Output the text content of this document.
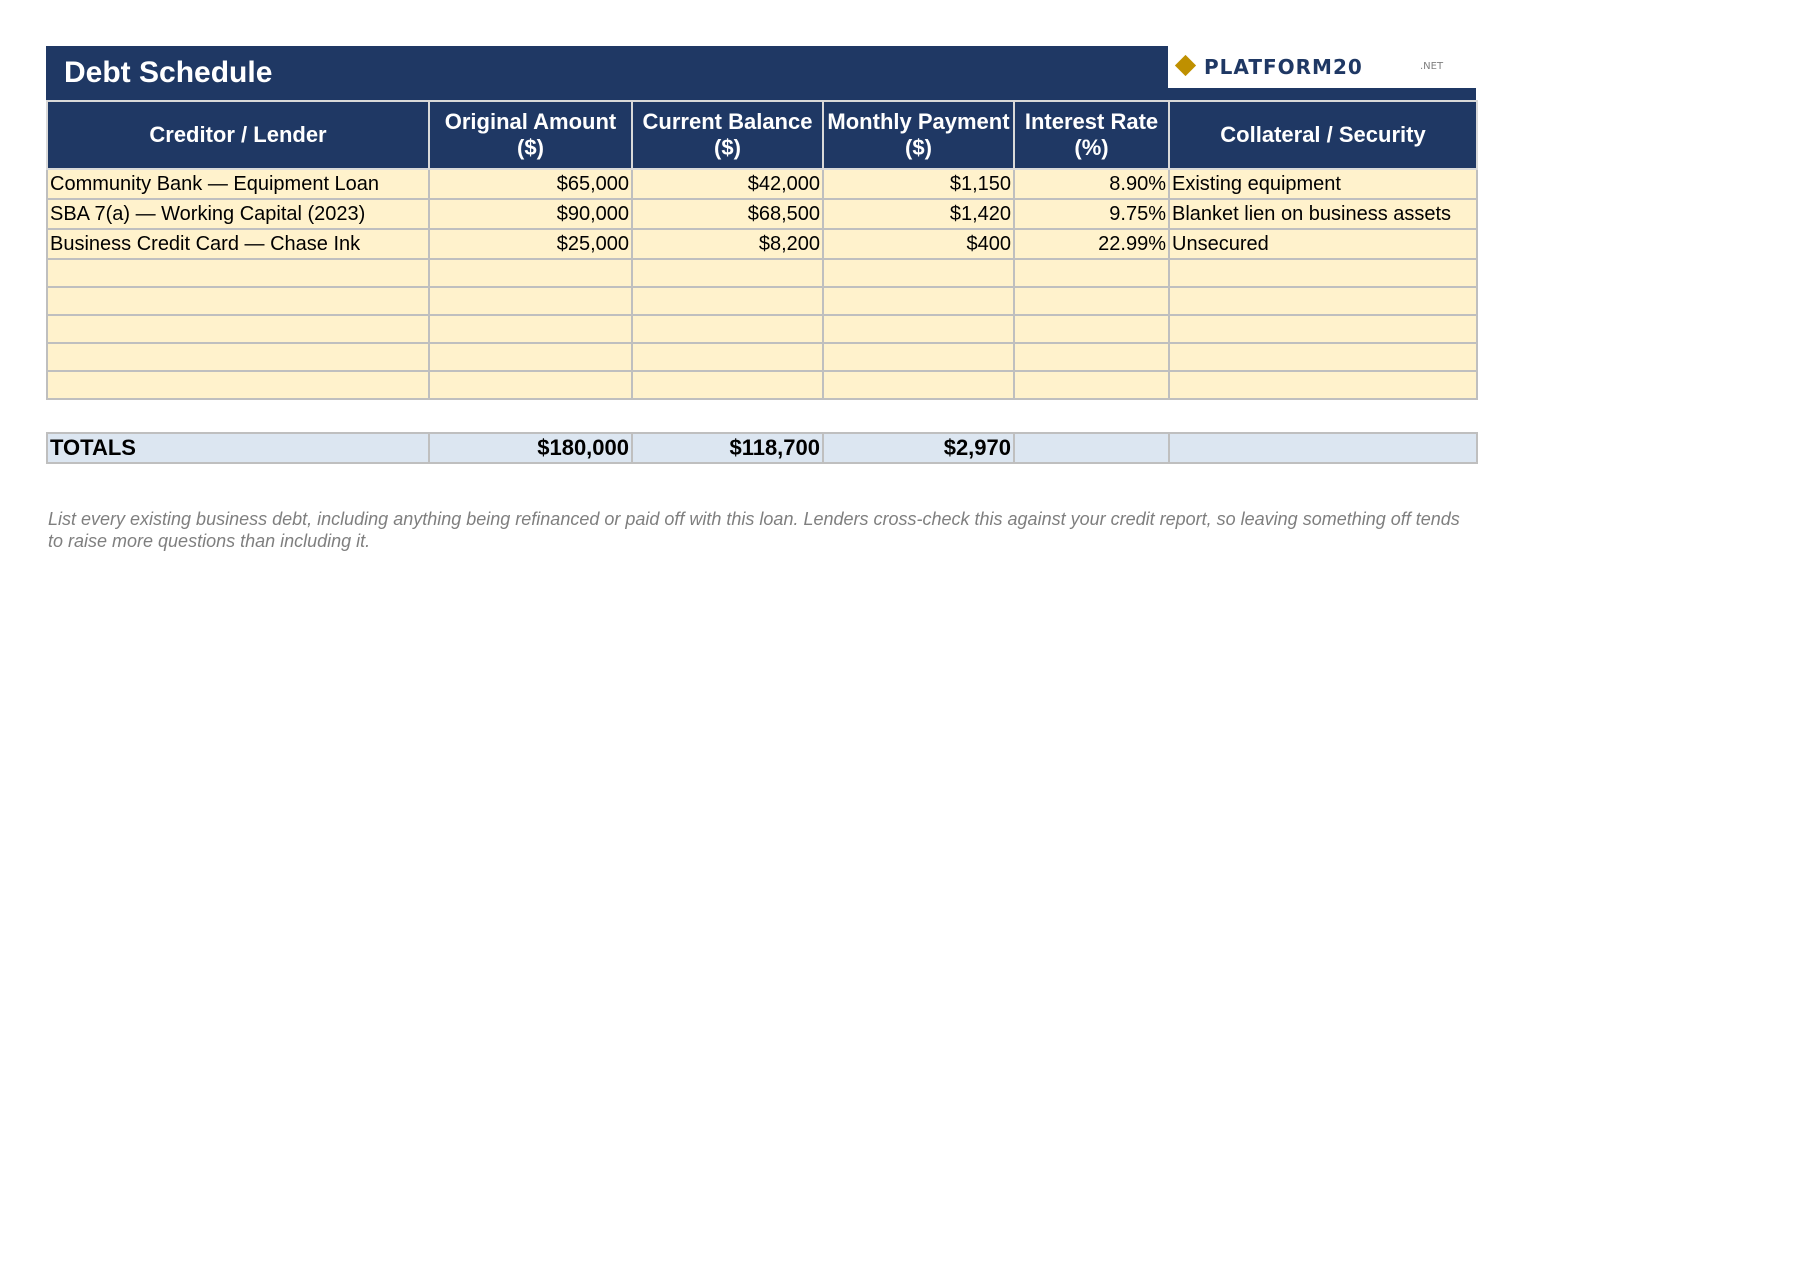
Debt Schedule	PLATFORM20	.NET
Creditor / Lender	Original Amount ($)	Current Balance ($)	Monthly Payment ($)	Interest Rate (%)	Collateral / Security
Community Bank — Equipment Loan	$65,000	$42,000	$1,150	8.90%	Existing equipment
SBA 7(a) — Working Capital (2023)	$90,000	$68,500	$1,420	9.75%	Blanket lien on business assets
Business Credit Card — Chase Ink	$25,000	$8,200	$400	22.99%	Unsecured

TOTALS	$180,000	$118,700	$2,970		
List every existing business debt, including anything being refinanced or paid off with this loan. Lenders cross-check this against your credit report, so leaving something off tends to raise more questions than including it.
